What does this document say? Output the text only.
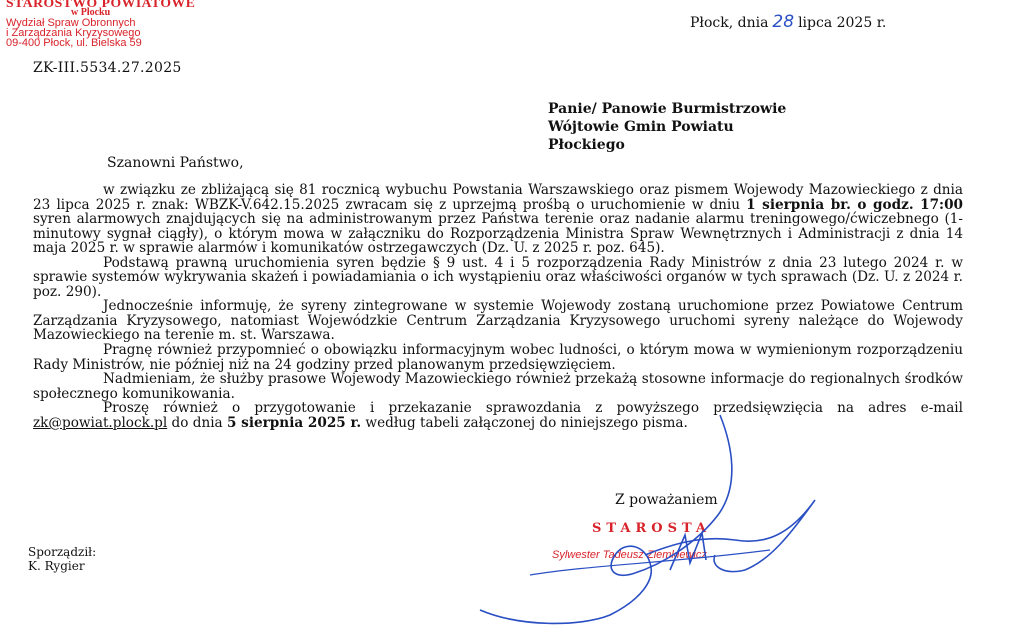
STAROSTWO POWIATOWE
w Płocku
Wydział Spraw Obronnych
i Zarządzania Kryzysowego
09-400 Płock, ul. Bielska 59
Płock, dnia 28 lipca 2025 r.
ZK-III.5534.27.2025
Panie/ Panowie Burmistrzowie
Wójtowie Gmin Powiatu
Płockiego
Szanowni Państwo,

w związku ze zbliżającą się 81 rocznicą wybuchu Powstania Warszawskiego oraz pismem Wojewody Mazowieckiego z dnia 23 lipca 2025 r. znak: WBZK-V.642.15.2025 zwracam się z uprzejmą prośbą o uruchomienie w dniu 1 sierpnia br. o godz. 17:00 syren alarmowych znajdujących się na administrowanym przez Państwa terenie oraz nadanie alarmu treningowego/ćwiczebnego (1-minutowy sygnał ciągły), o którym mowa w załączniku do Rozporządzenia Ministra Spraw Wewnętrznych i Administracji z dnia 14 maja 2025 r. w sprawie alarmów i komunikatów ostrzegawczych (Dz. U. z 2025 r. poz. 645).

Podstawą prawną uruchomienia syren będzie § 9 ust. 4 i 5 rozporządzenia Rady Ministrów z dnia 23 lutego 2024 r. w sprawie systemów wykrywania skażeń i powiadamiania o ich wystąpieniu oraz właściwości organów w tych sprawach (Dz. U. z 2024 r. poz. 290).

Jednocześnie informuję, że syreny zintegrowane w systemie Wojewody zostaną uruchomione przez Powiatowe Centrum Zarządzania Kryzysowego, natomiast Wojewódzkie Centrum Zarządzania Kryzysowego uruchomi syreny należące do Wojewody Mazowieckiego na terenie m. st. Warszawa.

Pragnę również przypomnieć o obowiązku informacyjnym wobec ludności, o którym mowa w wymienionym rozporządzeniu Rady Ministrów, nie później niż na 24 godziny przed planowanym przedsięwzięciem.

Nadmieniam, że służby prasowe Wojewody Mazowieckiego również przekażą stosowne informacje do regionalnych środków społecznego komunikowania.

Proszę również o przygotowanie i przekazanie sprawozdania z powyższego przedsięwzięcia na adres e-mail zk@powiat.plock.pl do dnia 5 sierpnia 2025 r. według tabeli załączonej do niniejszego pisma.

Z poważaniem
STAROSTA
Sylwester Tadeusz Ziemkiewicz
Sporządził:
K. Rygier
